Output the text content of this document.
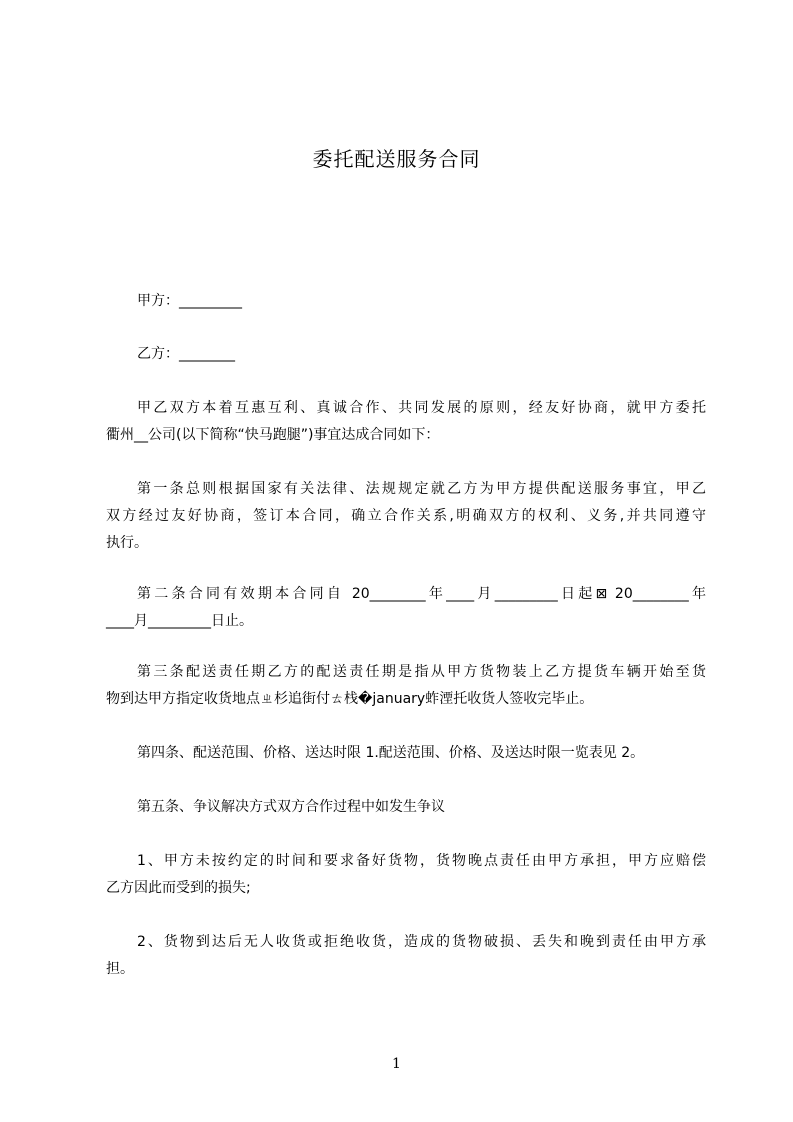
委托配送服务合同
甲方：_________
乙方：________
甲乙双方本着互惠互利、真诚合作、共同发展的原则，经友好协商，就甲方委托
衢州__公司(以下简称“快马跑腿”)事宜达成合同如下：
第一条总则根据国家有关法律、法规规定就乙方为甲方提供配送服务事宜，甲乙
双方经过友好协商，签订本合同，确立合作关系,明确双方的权利、义务,并共同遵守
执行。
第二条合同有效期本合同自 20________年____月_________日起⊠ 20________年
____月_________日止。
第三条配送责任期乙方的配送责任期是指从甲方货物装上乙方提货车辆开始至货
物到达甲方指定收货地点ㄓ杉追街付ㄊ栈�january蚱湮托收货人签收完毕止。
第四条、配送范围、价格、送达时限 1.配送范围、价格、及送达时限一览表见 2。
第五条、争议解决方式双方合作过程中如发生争议
1、甲方未按约定的时间和要求备好货物，货物晚点责任由甲方承担，甲方应赔偿
乙方因此而受到的损失;
2、货物到达后无人收货或拒绝收货，造成的货物破损、丢失和晚到责任由甲方承
担。
1
